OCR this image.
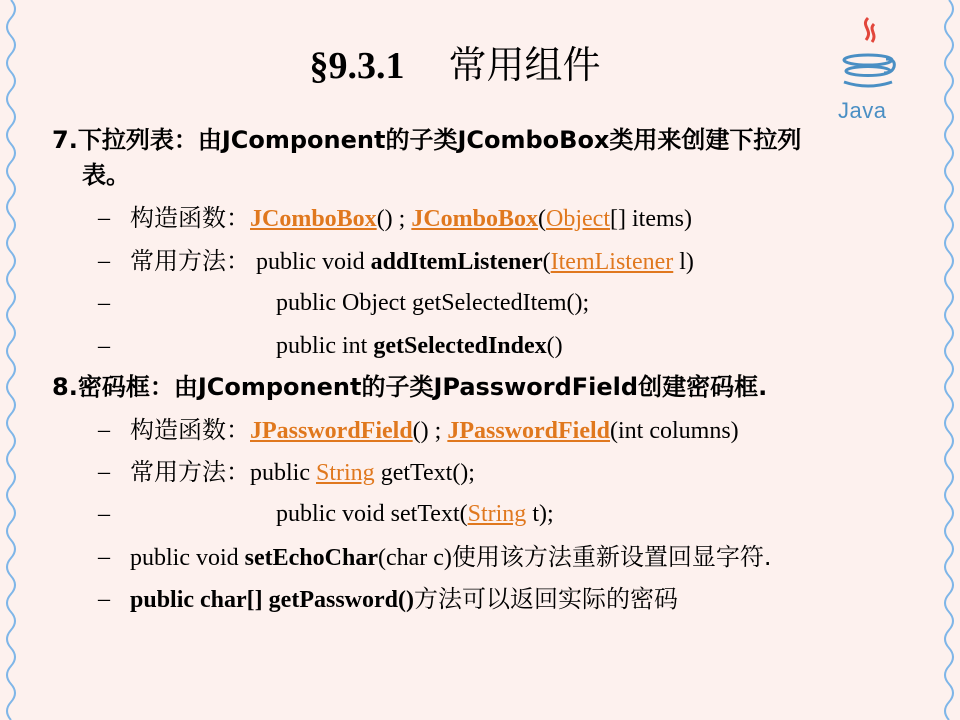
§9.3.1 常用组件
Java
7.下拉列表：由JComponent的子类JComboBox类用来创建下拉列
表。
– 构造函数：JComboBox() ; JComboBox(Object[] items)
– 常用方法： public void addItemListener(ItemListener l)
–	public Object getSelectedItem();
–	public int getSelectedIndex()
8.密码框：由JComponent的子类JPasswordField创建密码框.
– 构造函数：JPasswordField() ; JPasswordField(int columns)
– 常用方法：public String getText();
–	public void setText(String t);
– public void setEchoChar(char c)使用该方法重新设置回显字符.
– public char[] getPassword()方法可以返回实际的密码
